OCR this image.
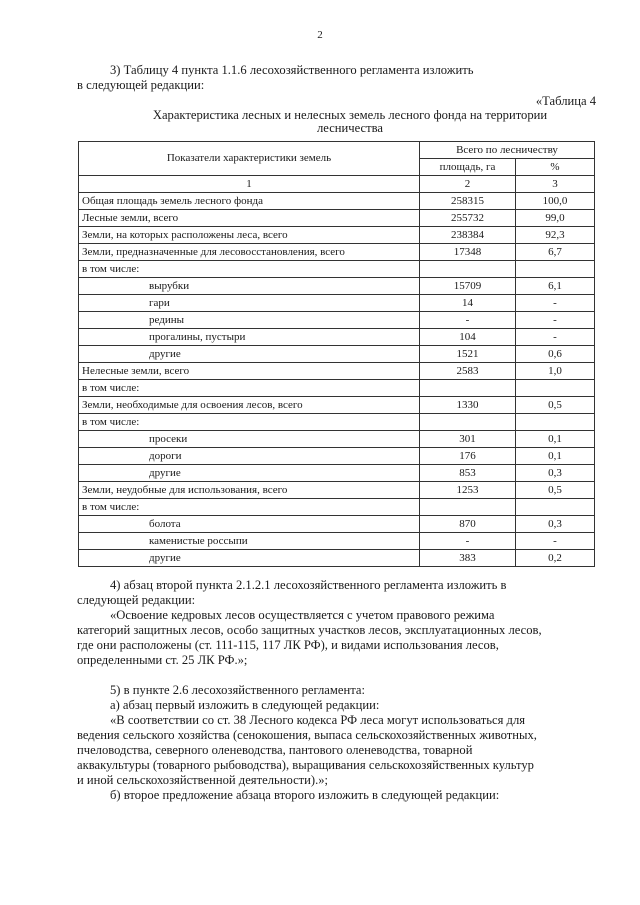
2
3) Таблицу 4 пункта 1.1.6 лесохозяйственного регламента изложить
в следующей редакции:
«Таблица 4
Характеристика лесных и нелесных земель лесного фонда на территории
лесничества
Показатели характеристики земель	Всего по лесничеству	
	площадь, га	%
1	2	3
Общая площадь земель лесного фонда	258315	100,0
Лесные земли, всего	255732	99,0
Земли, на которых расположены леса, всего	238384	92,3
Земли, предназначенные для лесовосстановления, всего	17348	6,7
в том числе:		
вырубки	15709	6,1
гари	14	-
редины	-	-
прогалины, пустыри	104	-
другие	1521	0,6
Нелесные земли, всего	2583	1,0
в том числе:		
Земли, необходимые для освоения лесов, всего	1330	0,5
в том числе:		
просеки	301	0,1
дороги	176	0,1
другие	853	0,3
Земли, неудобные для использования, всего	1253	0,5
в том числе:		
болота	870	0,3
каменистые россыпи	-	-
другие	383	0,2
4) абзац второй пункта 2.1.2.1 лесохозяйственного регламента изложить в
следующей редакции:
«Освоение кедровых лесов осуществляется с учетом правового режима
категорий защитных лесов, особо защитных участков лесов, эксплуатационных лесов,
где они расположены (ст. 111-115, 117 ЛК РФ), и видами использования лесов,
определенными ст. 25 ЛК РФ.»;
5) в пункте 2.6 лесохозяйственного регламента:
а) абзац первый изложить в следующей редакции:
«В соответствии со ст. 38 Лесного кодекса РФ леса могут использоваться для
ведения сельского хозяйства (сенокошения, выпаса сельскохозяйственных животных,
пчеловодства, северного оленеводства, пантового оленеводства, товарной
аквакультуры (товарного рыбоводства), выращивания сельскохозяйственных культур
и иной сельскохозяйственной деятельности).»;
б) второе предложение абзаца второго изложить в следующей редакции:
